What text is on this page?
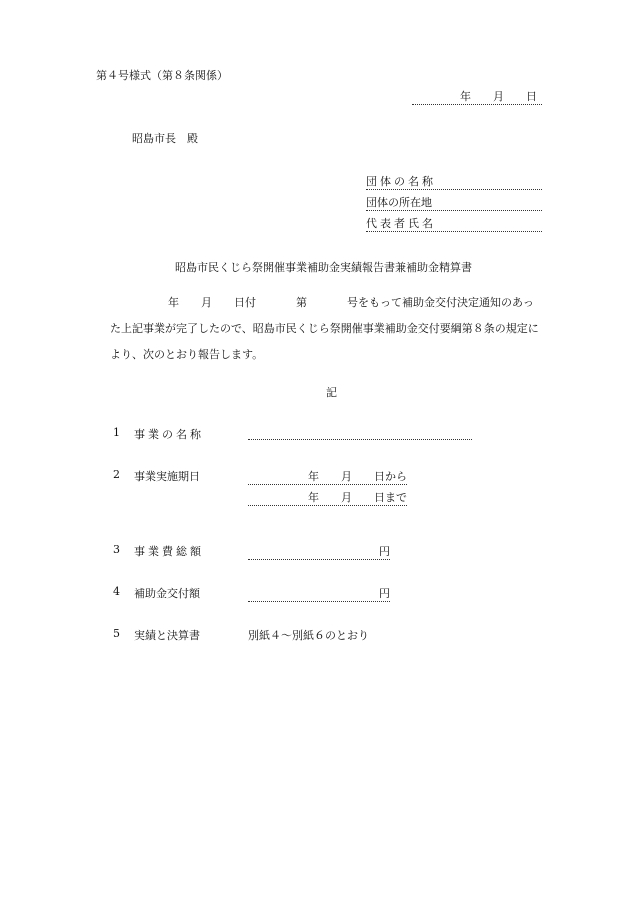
第４号様式（第８条関係）
年 月 日
昭島市長　殿
団体の名称
団体の所在地
代表者氏名
昭島市民くじら祭開催事業補助金実績報告書兼補助金精算書
年 月 日付	第	号をもって補助金交付決定通知のあっ
た上記事業が完了したので、昭島市民くじら祭開催事業補助金交付要綱第８条の規定に
より、次のとおり報告します。
記
1 事業の名称
2 事業実施期日	年 月 日から
年 月 日まで
3 事業費総額	円
4 補助金交付額	円
5 実績と決算書	別紙４～別紙６のとおり
